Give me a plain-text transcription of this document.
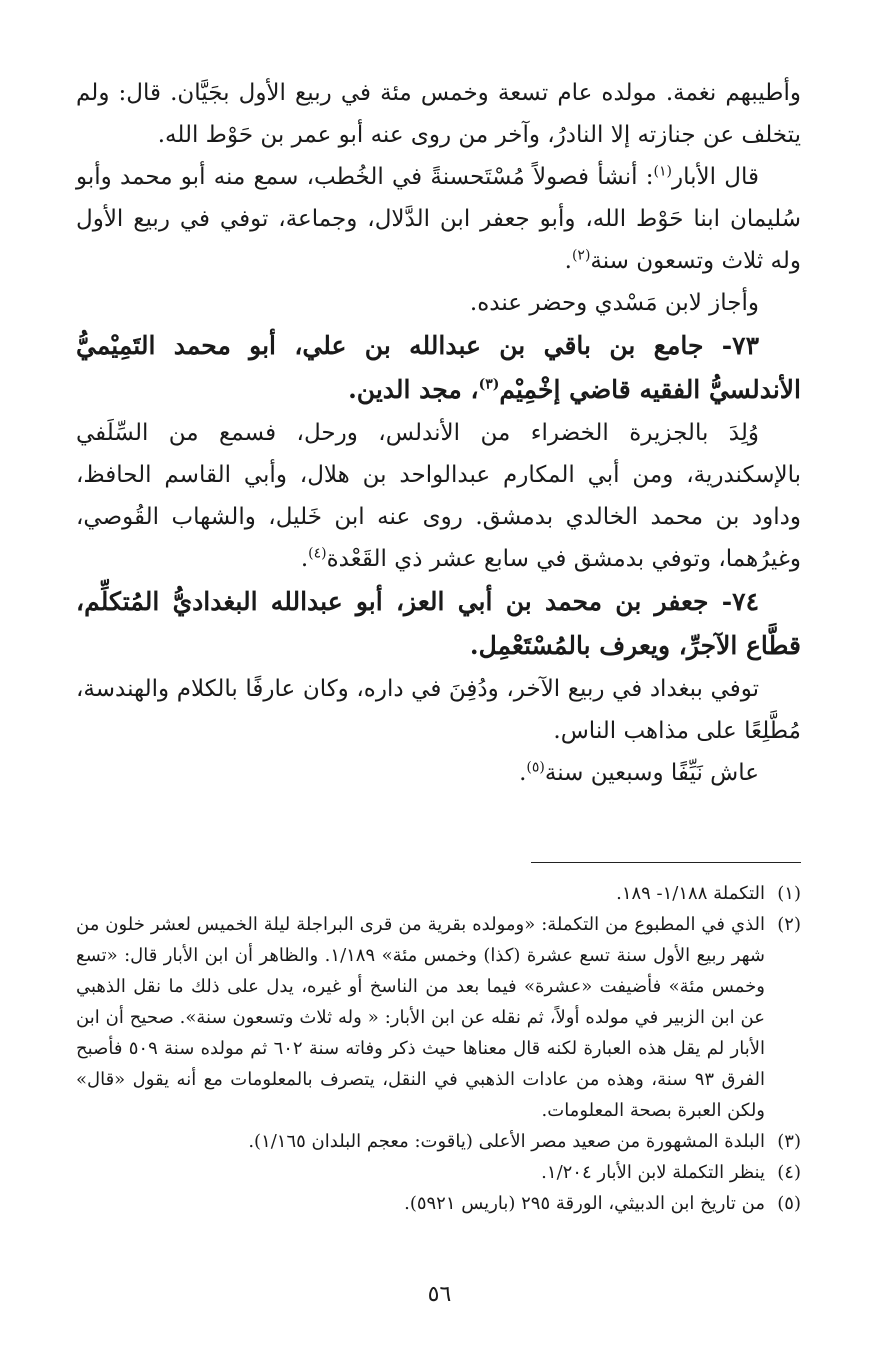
وأطيبهم نغمة. مولده عام تسعة وخمس مئة في ربيع الأول بجَيَّان. قال: ولم يتخلف عن جنازته إلا النادرُ، وآخر من روى عنه أبو عمر بن حَوْط الله.

قال الأبار$^{(١)}$: أنشأ فصولاً مُسْتَحسنةً في الخُطب، سمع منه أبو محمد وأبو سُليمان ابنا حَوْط الله، وأبو جعفر ابن الدَّلال، وجماعة، توفي في ربيع الأول وله ثلاث وتسعون سنة$^{(٢)}$.

وأجاز لابن مَسْدي وحضر عنده.

٧٣- جامع بن باقي بن عبدالله بن علي، أبو محمد التَمِيْميُّ الأندلسيُّ الفقيه قاضي إخْمِيْم$^{(٣)}$، مجد الدين.

وُلِدَ بالجزيرة الخضراء من الأندلس، ورحل، فسمع من السِّلَفي بالإسكندرية، ومن أبي المكارم عبدالواحد بن هلال، وأبي القاسم الحافظ، وداود بن محمد الخالدي بدمشق. روى عنه ابن خَليل، والشهاب القُوصي، وغيرُهما، وتوفي بدمشق في سابع عشر ذي القَعْدة$^{(٤)}$.

٧٤- جعفر بن محمد بن أبي العز، أبو عبدالله البغداديُّ المُتكلِّم، قطَّاع الآجرِّ، ويعرف بالمُسْتَعْمِل.

توفي ببغداد في ربيع الآخر، ودُفِنَ في داره، وكان عارفًا بالكلام والهندسة، مُطَّلِعًا على مذاهب الناس.

عاش نَيِّفًا وسبعين سنة$^{(٥)}$.

(١)
التكملة ١/١٨٨- ١٨٩.
(٢)
الذي في المطبوع من التكملة: «ومولده بقرية من قرى البراجلة ليلة الخميس لعشر خلون من شهر ربيع الأول سنة تسع عشرة (كذا) وخمس مئة» ١/١٨٩. والظاهر أن ابن الأبار قال: «تسع وخمس مئة» فأضيفت «عشرة» فيما بعد من الناسخ أو غيره، يدل على ذلك ما نقل الذهبي عن ابن الزبير في مولده أولاً، ثم نقله عن ابن الأبار: « وله ثلاث وتسعون سنة». صحيح أن ابن الأبار لم يقل هذه العبارة لكنه قال معناها حيث ذكر وفاته سنة ٦٠٢ ثم مولده سنة ٥٠٩ فأصبح الفرق ٩٣ سنة، وهذه من عادات الذهبي في النقل، يتصرف بالمعلومات مع أنه يقول «قال» ولكن العبرة بصحة المعلومات.
(٣)
البلدة المشهورة من صعيد مصر الأعلى (ياقوت: معجم البلدان ١/١٦٥).
(٤)
ينظر التكملة لابن الأبار ١/٢٠٤.
(٥)
من تاريخ ابن الدبيثي، الورقة ٢٩٥ (باريس ٥٩٢١).
٥٦
